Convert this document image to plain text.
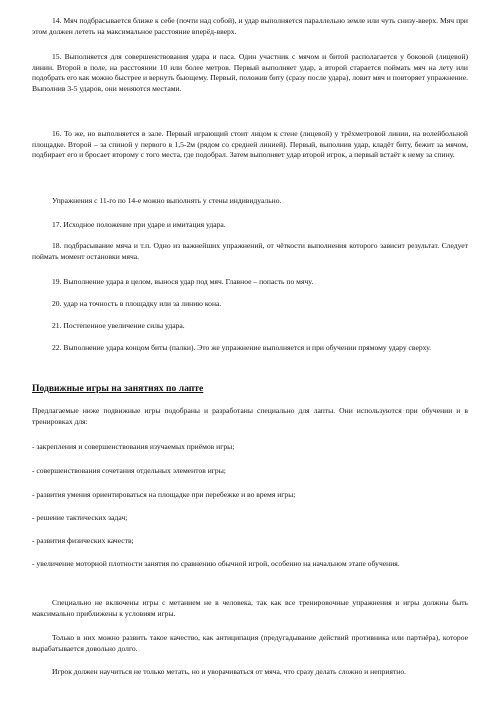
14. Мяч подбрасывается ближе к себе (почти над собой), и удар выполняется параллельно земле или чуть снизу-вверх. Мяч при этом должен лететь на максимальное расстояние вперёд-вверх.

15. Выполняется для совершенствования удара и паса. Один участник с мячом и битой располагается у боковой (лицевой) линии. Второй в поле, на расстоянии 10 или более метров. Первый выполняет удар, а второй старается поймать мяч на лету или подобрать его как можно быстрее и вернуть бьющему. Первый, положив биту (сразу после удара), ловит мяч и повторяет упражнение. Выполнив 3-5 ударов, они меняются местами.

16. То же, но выполняется в зале. Первый играющий стоит лицом к стене (лицевой) у трёхметровой линии, на волейбольной площадке. Второй – за спиной у первого в 1,5-2м (рядом со средней линией). Первый, выполнив удар, кладёт биту, бежит за мячом, подбирает его и бросает второму с того места, где подобрал. Затем выполняет удар второй игрок, а первый встаёт к нему за спину.

Упражнения с 11-го по 14-е можно выполнять у стены индивидуально.

17. Исходное положение при ударе и имитация удара.

18. подбрасывание мяча и т.п. Одно из важнейших упражнений, от чёткости выполнения которого зависит результат. Следует поймать момент остановки мяча.

19. Выполнение удара в целом, вынося удар под мяч. Главное – попасть по мячу.

20. удар на точность в площадку или за линию кона.

21. Постепенное увеличение силы удара.

22. Выполнение удара концом биты (палки). Это же упражнение выполняется и при обучении прямому удару сверху.

Подвижные игры на занятиях по лапте

Предлагаемые ниже подвижные игры подобраны и разработаны специально для лапты. Они используются при обучении и в тренировках для:

- закрепления и совершенствования изучаемых приёмов игры;

- совершенствования сочетания отдельных элементов игры;

- развития умения ориентироваться на площадке при перебежке и во время игры;

- решение тактических задач;

- развития физических качеств;

- увеличение моторной плотности занятия по сравнению обычной игрой, особенно на начальном этапе обучения.

Специально не включены игры с метанием не в человека, так как все тренировочные упражнения и игры должны быть максимально приближены к условиям игры.

Только в них можно развить такое качество, как антиципация (предугадывание действий противника или партнёра), которое вырабатывается довольно долго.

Игрок должен научиться не только метать, но и уворачиваться от мяча, что сразу делать сложно и неприятно.
